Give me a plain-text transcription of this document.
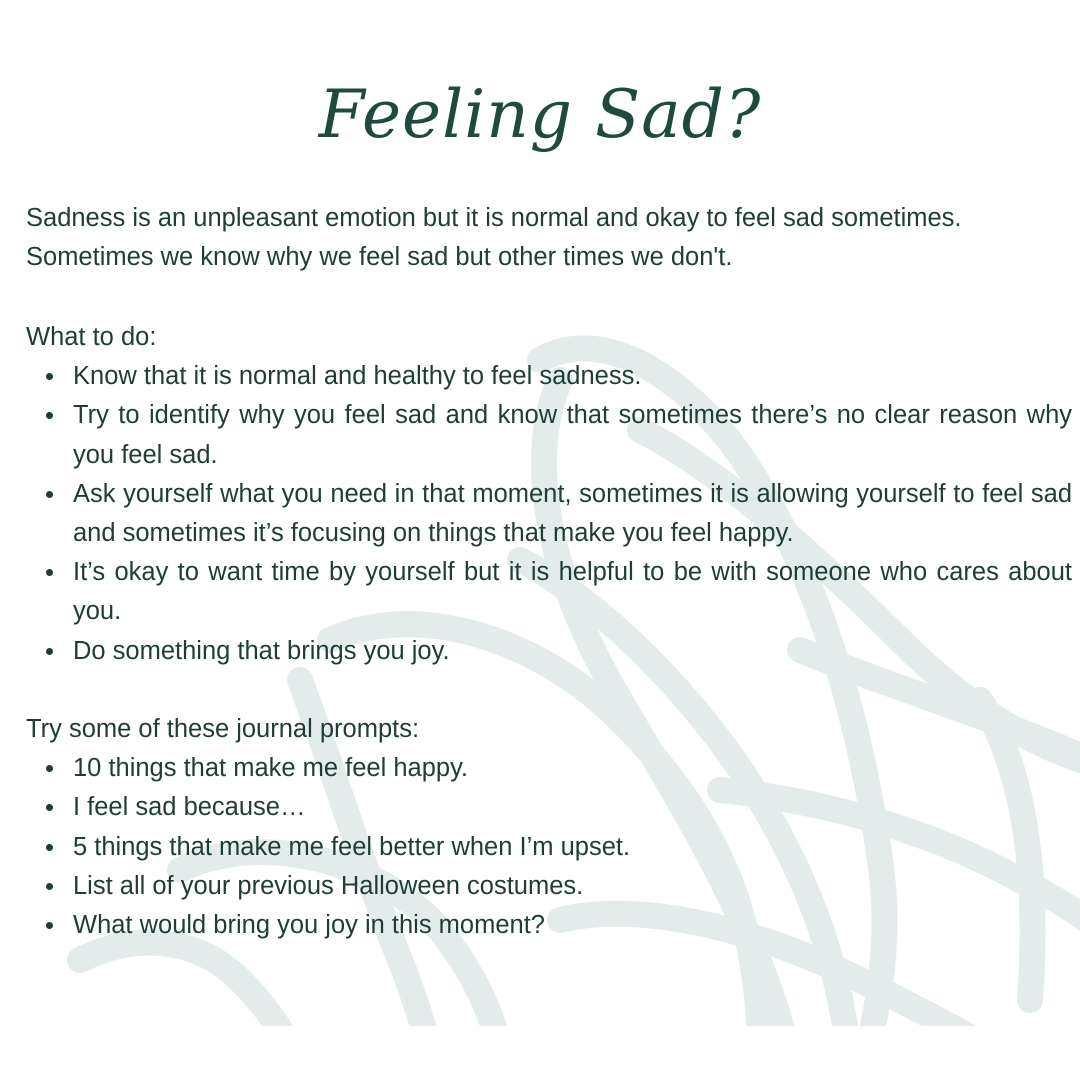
Feeling Sad?

Sadness is an unpleasant emotion but it is normal and okay to feel sad sometimes.

Sometimes we know why we feel sad but other times we don't.

What to do:

Know that it is normal and healthy to feel sadness.
Try to identify why you feel sad and know that sometimes there’s no clear reason why you feel sad.
Ask yourself what you need in that moment, sometimes it is allowing yourself to feel sad and sometimes it’s focusing on things that make you feel happy.
It’s okay to want time by yourself but it is helpful to be with someone who cares about you.
Do something that brings you joy.

Try some of these journal prompts:

10 things that make me feel happy.
I feel sad because…
5 things that make me feel better when I’m upset.
List all of your previous Halloween costumes.
What would bring you joy in this moment?
